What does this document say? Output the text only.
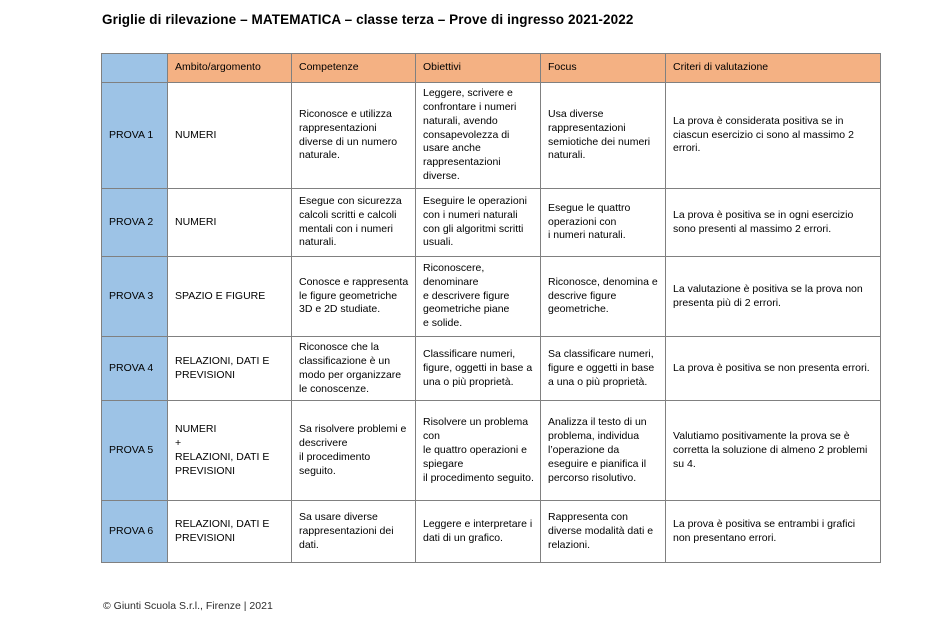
Griglie di rilevazione – MATEMATICA – classe terza – Prove di ingresso 2021-2022
	Ambito/argomento	Competenze	Obiettivi	Focus	Criteri di valutazione
PROVA 1	NUMERI	Riconosce e utilizza rappresentazioni diverse di un numero naturale.	Leggere, scrivere e confrontare i numeri naturali, avendo consapevolezza di usare anche rappresentazioni diverse.	Usa diverse rappresentazioni semiotiche dei numeri naturali.	La prova è considerata positiva se in ciascun esercizio ci sono al massimo 2 errori.
PROVA 2	NUMERI	Esegue con sicurezza calcoli scritti e calcoli mentali con i numeri naturali.	Eseguire le operazioni con i numeri naturali con gli algoritmi scritti usuali.	Esegue le quattro operazioni con
i numeri naturali.	La prova è positiva se in ogni esercizio sono presenti al massimo 2 errori.
PROVA 3	SPAZIO E FIGURE	Conosce e rappresenta le figure geometriche 3D e 2D studiate.	Riconoscere, denominare
e descrivere figure geometriche piane
e solide.	Riconosce, denomina e descrive figure geometriche.	La valutazione è positiva se la prova non presenta più di 2 errori.
PROVA 4	RELAZIONI, DATI E PREVISIONI	Riconosce che la classificazione è un modo per organizzare le conoscenze.	Classificare numeri, figure, oggetti in base a una o più proprietà.	Sa classificare numeri, figure e oggetti in base a una o più proprietà.	La prova è positiva se non presenta errori.
PROVA 5	NUMERI
+
RELAZIONI, DATI E PREVISIONI	Sa risolvere problemi e descrivere
il procedimento seguito.	Risolvere un problema con
le quattro operazioni e spiegare
il procedimento seguito.	Analizza il testo di un problema, individua l’operazione da eseguire e pianifica il percorso risolutivo.	Valutiamo positivamente la prova se è corretta la soluzione di almeno 2 problemi su 4.
PROVA 6	RELAZIONI, DATI E PREVISIONI	Sa usare diverse rappresentazioni dei dati.	Leggere e interpretare i dati di un grafico.	Rappresenta con diverse modalità dati e relazioni.	La prova è positiva se entrambi i grafici non presentano errori.
© Giunti Scuola S.r.l., Firenze | 2021
